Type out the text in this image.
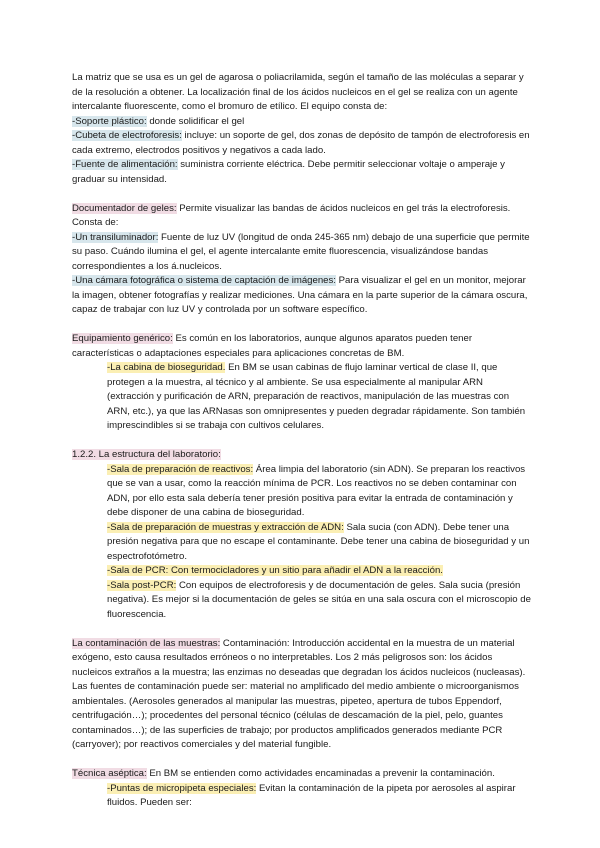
La matriz que se usa es un gel de agarosa o poliacrilamida, según el tamaño de las moléculas a separar y de la resolución a obtener. La localización final de los ácidos nucleicos en el gel se realiza con un agente intercalante fluorescente, como el bromuro de etílico. El equipo consta de:

-Soporte plástico: donde solidificar el gel

-Cubeta de electroforesis: incluye: un soporte de gel, dos zonas de depósito de tampón de electroforesis en cada extremo, electrodos positivos y negativos a cada lado.

-Fuente de alimentación: suministra corriente eléctrica. Debe permitir seleccionar voltaje o amperaje y graduar su intensidad.

Documentador de geles: Permite visualizar las bandas de ácidos nucleicos en gel trás la electroforesis. Consta de:

-Un transiluminador: Fuente de luz UV (longitud de onda 245-365 nm) debajo de una superficie que permite su paso. Cuándo ilumina el gel, el agente intercalante emite fluorescencia, visualizándose bandas correspondientes a los á.nucleicos.

-Una cámara fotográfica o sistema de captación de imágenes: Para visualizar el gel en un monitor, mejorar la imagen, obtener fotografías y realizar mediciones. Una cámara en la parte superior de la cámara oscura, capaz de trabajar con luz UV y controlada por un software específico.

Equipamiento genérico: Es común en los laboratorios, aunque algunos aparatos pueden tener características o adaptaciones especiales para aplicaciones concretas de BM.

-La cabina de bioseguridad. En BM se usan cabinas de flujo laminar vertical de clase II, que protegen a la muestra, al técnico y al ambiente. Se usa especialmente al manipular ARN (extracción y purificación de ARN, preparación de reactivos, manipulación de las muestras con ARN, etc.), ya que las ARNasas son omnipresentes y pueden degradar rápidamente. Son también imprescindibles si se trabaja con cultivos celulares.

1.2.2. La estructura del laboratorio:

-Sala de preparación de reactivos: Área limpia del laboratorio (sin ADN). Se preparan los reactivos que se van a usar, como la reacción mínima de PCR. Los reactivos no se deben contaminar con ADN, por ello esta sala debería tener presión positiva para evitar la entrada de contaminación y debe disponer de una cabina de bioseguridad.

-Sala de preparación de muestras y extracción de ADN: Sala sucia (con ADN). Debe tener una presión negativa para que no escape el contaminante. Debe tener una cabina de bioseguridad y un espectrofotómetro.

-Sala de PCR: Con termocicladores y un sitio para añadir el ADN a la reacción.

-Sala post-PCR: Con equipos de electroforesis y de documentación de geles. Sala sucia (presión negativa). Es mejor si la documentación de geles se sitúa en una sala oscura con el microscopio de fluorescencia.

La contaminación de las muestras: Contaminación: Introducción accidental en la muestra de un material exógeno, esto causa resultados erróneos o no interpretables. Los 2 más peligrosos son: los ácidos nucleicos extraños a la muestra; las enzimas no deseadas que degradan los ácidos nucleicos (nucleasas). Las fuentes de contaminación puede ser: material no amplificado del medio ambiente o microorganismos ambientales. (Aerosoles generados al manipular las muestras, pipeteo, apertura de tubos Eppendorf, centrifugación…); procedentes del personal técnico (células de descamación de la piel, pelo, guantes contaminados…); de las superficies de trabajo; por productos amplificados generados mediante PCR (carryover); por reactivos comerciales y del material fungible.

Técnica aséptica: En BM se entienden como actividades encaminadas a prevenir la contaminación.

-Puntas de micropipeta especiales: Evitan la contaminación de la pipeta por aerosoles al aspirar fluidos. Pueden ser:
